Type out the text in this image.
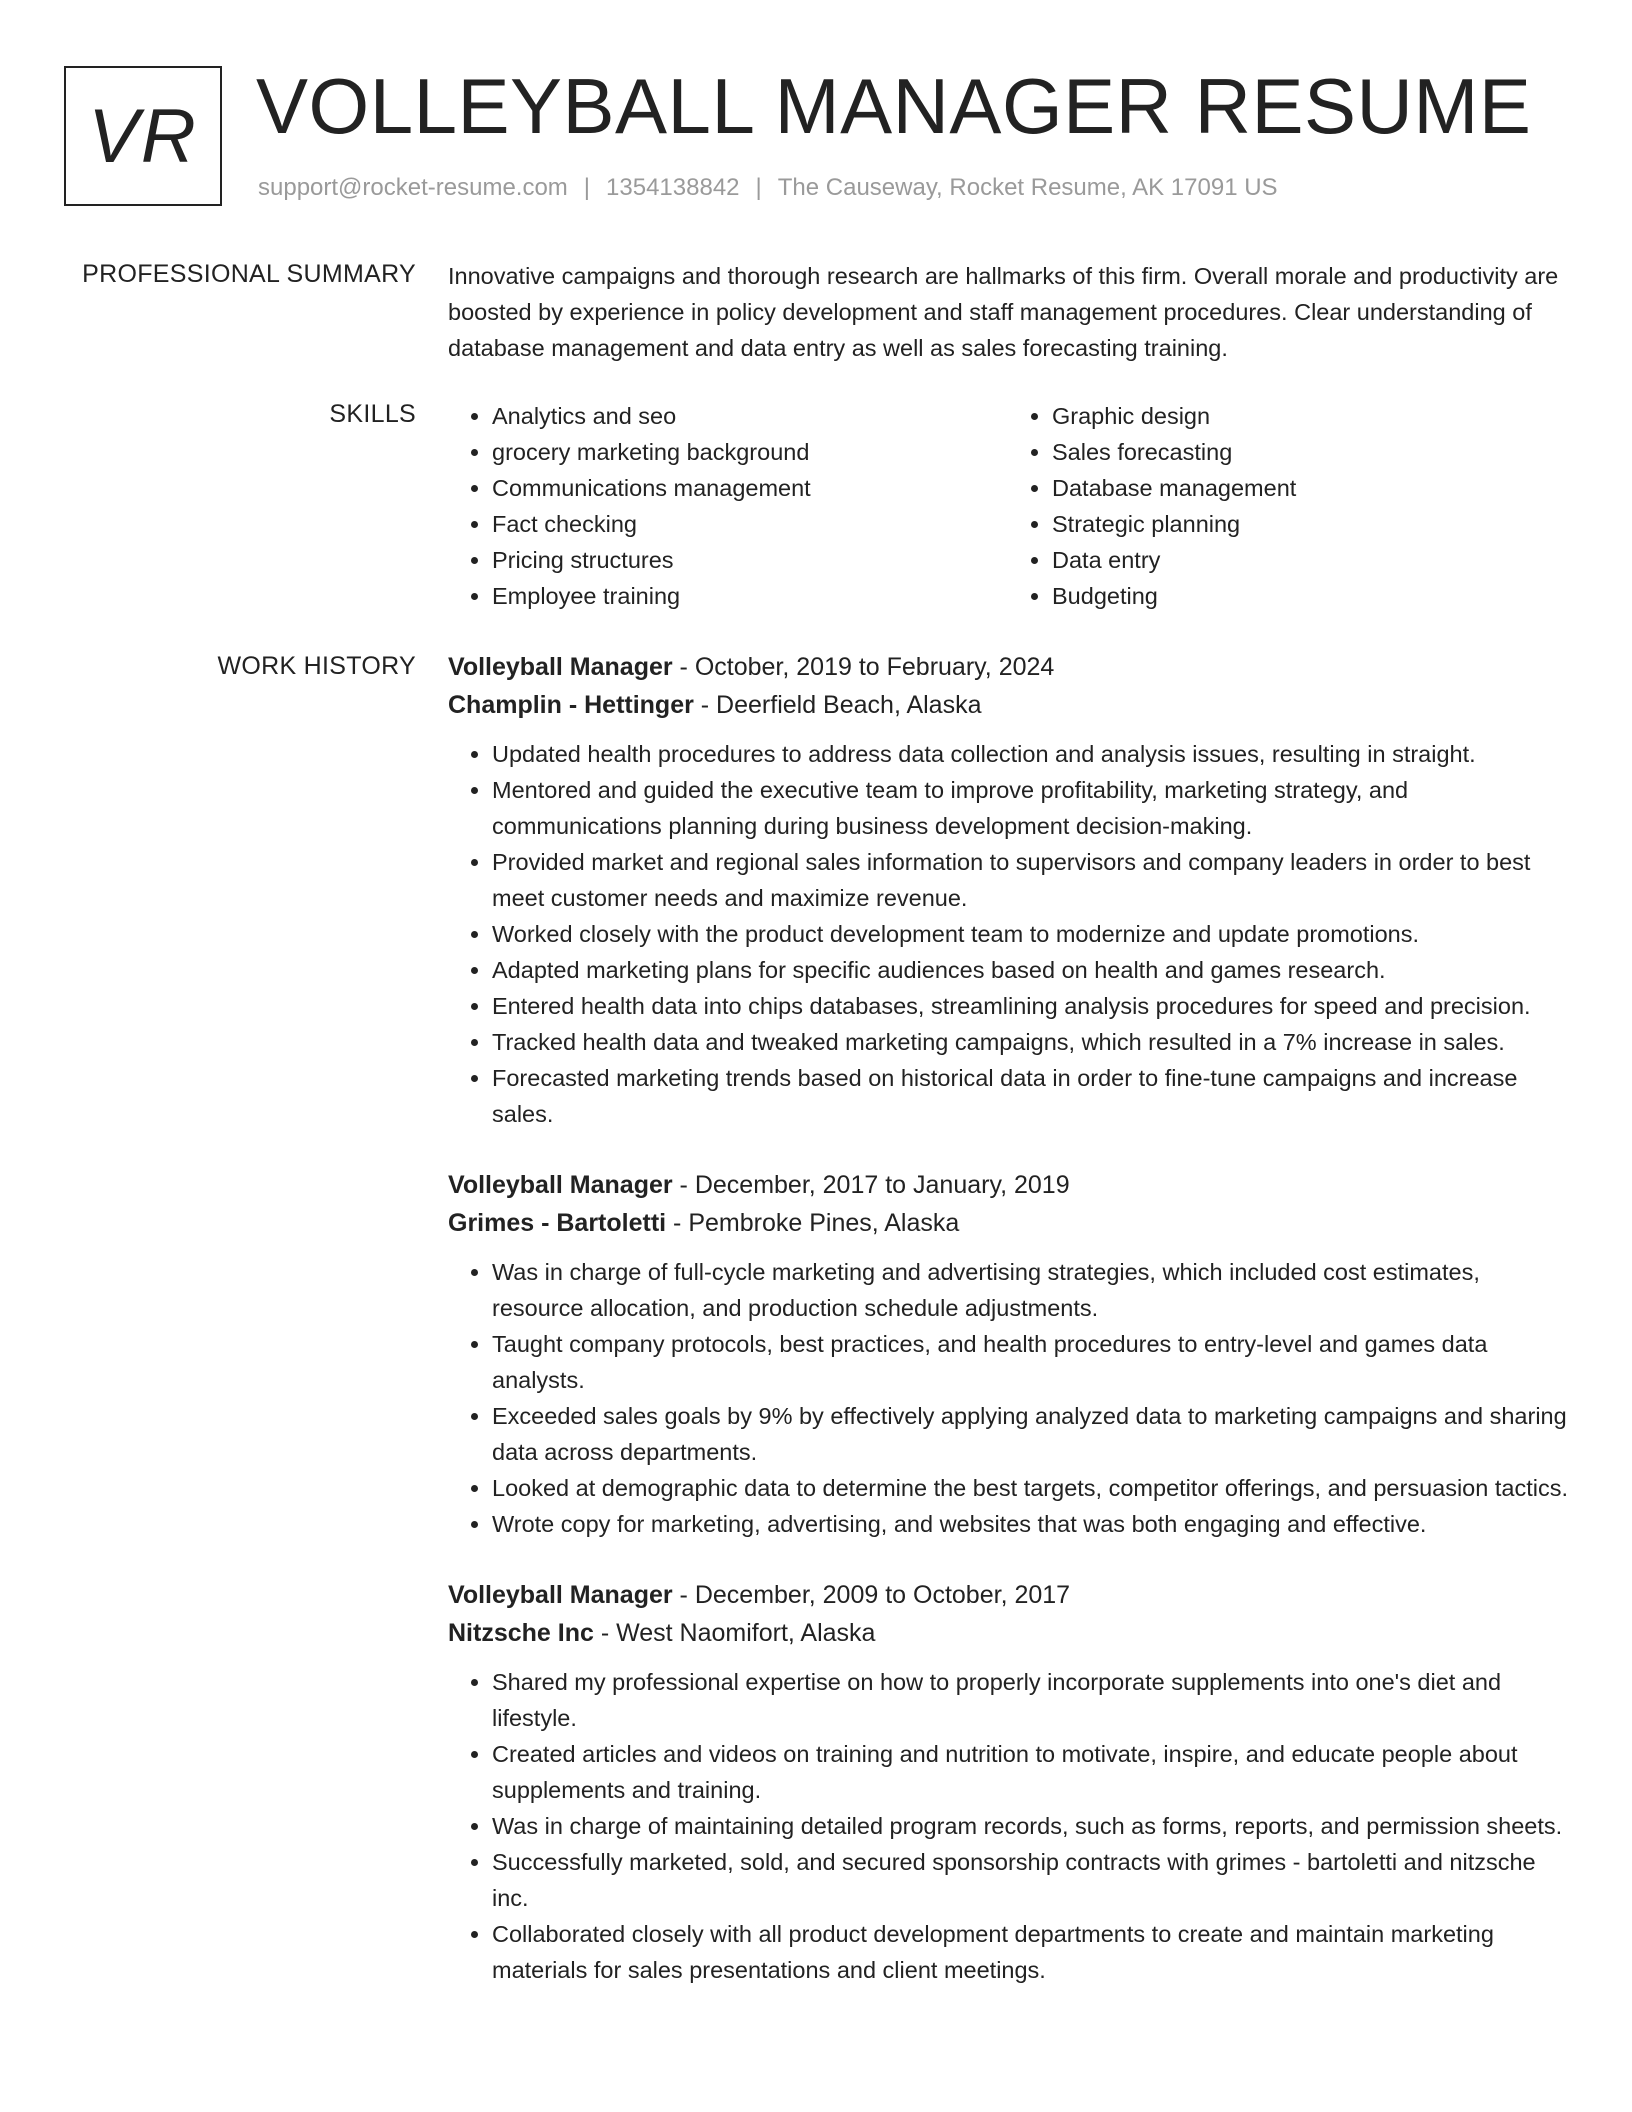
VR VOLLEYBALL MANAGER RESUME
support@rocket-resume.com | 1354138842 | The Causeway, Rocket Resume, AK 17091 US
PROFESSIONAL SUMMARY Innovative campaigns and thorough research are hallmarks of this firm. Overall morale and productivity are boosted by experience in policy development and staff management procedures. Clear understanding of database management and data entry as well as sales forecasting training.

SKILLS
•	Analytics and seo
• grocery marketing background
• Communications management
• Fact checking
• Pricing structures
• Employee training
• Graphic design
• Sales forecasting
• Database management
• Strategic planning
• Data entry
• Budgeting
WORK HISTORY Volleyball Manager - October, 2019 to February, 2024
Champlin - Hettinger - Deerfield Beach, Alaska
• Updated health procedures to address data collection and analysis issues, resulting in straight.
• Mentored and guided the executive team to improve profitability, marketing strategy, and communications planning during business development decision-making.
• Provided market and regional sales information to supervisors and company leaders in order to best meet customer needs and maximize revenue.
• Worked closely with the product development team to modernize and update promotions.
• Adapted marketing plans for specific audiences based on health and games research.
• Entered health data into chips databases, streamlining analysis procedures for speed and precision.
• Tracked health data and tweaked marketing campaigns, which resulted in a 7% increase in sales.
• Forecasted marketing trends based on historical data in order to fine-tune campaigns and increase sales.
Volleyball Manager - December, 2017 to January, 2019
Grimes - Bartoletti - Pembroke Pines, Alaska
• Was in charge of full-cycle marketing and advertising strategies, which included cost estimates, resource allocation, and production schedule adjustments.
• Taught company protocols, best practices, and health procedures to entry-level and games data analysts.
• Exceeded sales goals by 9% by effectively applying analyzed data to marketing campaigns and sharing data across departments.
• Looked at demographic data to determine the best targets, competitor offerings, and persuasion tactics.
• Wrote copy for marketing, advertising, and websites that was both engaging and effective.
Volleyball Manager - December, 2009 to October, 2017
Nitzsche Inc - West Naomifort, Alaska
• Shared my professional expertise on how to properly incorporate supplements into one's diet and lifestyle.
• Created articles and videos on training and nutrition to motivate, inspire, and educate people about supplements and training.
• Was in charge of maintaining detailed program records, such as forms, reports, and permission sheets.
• Successfully marketed, sold, and secured sponsorship contracts with grimes - bartoletti and nitzsche inc.
• Collaborated closely with all product development departments to create and maintain marketing materials for sales presentations and client meetings.
